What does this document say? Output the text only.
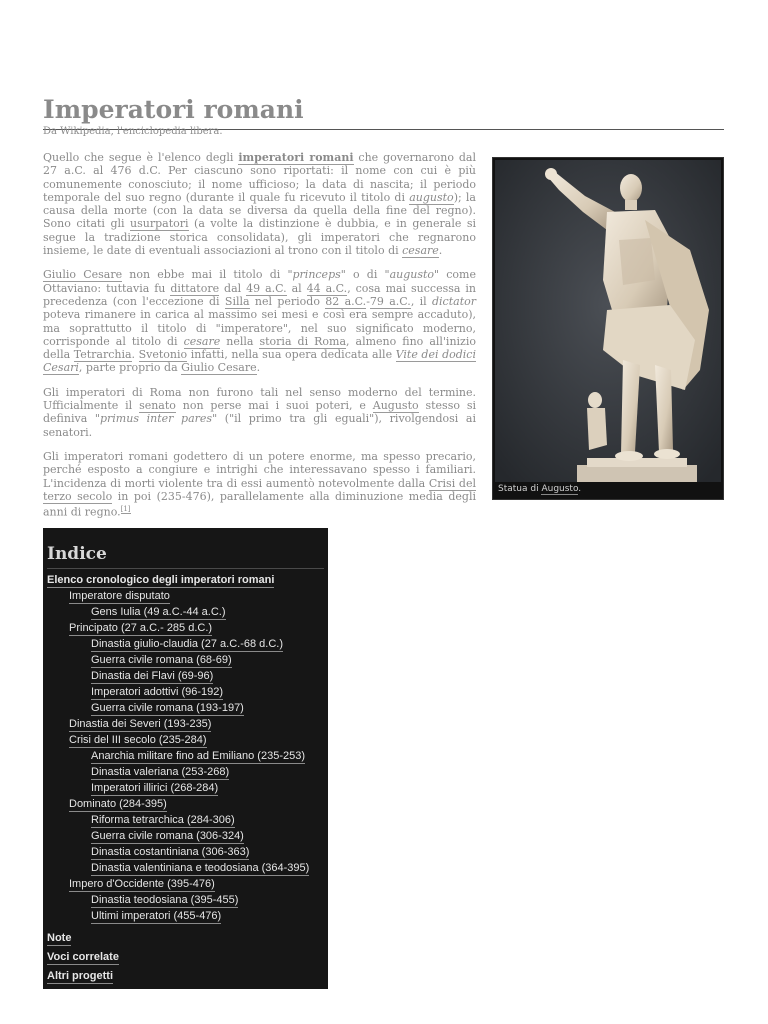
Imperatori romani
Da Wikipedia, l'enciclopedia libera.

Quello che segue è l'elenco degli imperatori romani che governarono dal 27 a.C. al 476 d.C. Per ciascuno sono riportati: il nome con cui è più comunemente conosciuto; il nome ufficioso; la data di nascita; il periodo temporale del suo regno (durante il quale fu ricevuto il titolo di augusto); la causa della morte (con la data se diversa da quella della fine del regno). Sono citati gli usurpatori (a volte la distinzione è dubbia, e in generale si segue la tradizione storica consolidata), gli imperatori che regnarono insieme, le date di eventuali associazioni al trono con il titolo di cesare.

Giulio Cesare non ebbe mai il titolo di "princeps" o di "augusto" come Ottaviano: tuttavia fu dittatore dal 49 a.C. al 44 a.C., cosa mai successa in precedenza (con l'eccezione di Silla nel periodo 82 a.C.-79 a.C., il dictator poteva rimanere in carica al massimo sei mesi e così era sempre accaduto), ma soprattutto il titolo di "imperatore", nel suo significato moderno, corrisponde al titolo di cesare nella storia di Roma, almeno fino all'inizio della Tetrarchia. Svetonio infatti, nella sua opera dedicata alle Vite dei dodici Cesari, parte proprio da Giulio Cesare.

Gli imperatori di Roma non furono tali nel senso moderno del termine. Ufficialmente il senato non perse mai i suoi poteri, e Augusto stesso si definiva "primus inter pares" ("il primo tra gli eguali"), rivolgendosi ai senatori.

Gli imperatori romani godettero di un potere enorme, ma spesso precario, perché esposto a congiure e intrighi che interessavano spesso i familiari. L'incidenza di morti violente tra di essi aumentò notevolmente dalla Crisi del terzo secolo in poi (235-476), parallelamente alla diminuzione media degli anni di regno.[1]

Statua di Augusto.
Indice
Elenco cronologico degli imperatori romani
Imperatore disputato
Gens Iulia (49 a.C.-44 a.C.)
Principato (27 a.C.- 285 d.C.)
Dinastia giulio-claudia (27 a.C.-68 d.C.)
Guerra civile romana (68-69)
Dinastia dei Flavi (69-96)
Imperatori adottivi (96-192)
Guerra civile romana (193-197)
Dinastia dei Severi (193-235)
Crisi del III secolo (235-284)
Anarchia militare fino ad Emiliano (235-253)
Dinastia valeriana (253-268)
Imperatori illirici (268-284)
Dominato (284-395)
Riforma tetrarchica (284-306)
Guerra civile romana (306-324)
Dinastia costantiniana (306-363)
Dinastia valentiniana e teodosiana (364-395)
Impero d'Occidente (395-476)
Dinastia teodosiana (395-455)
Ultimi imperatori (455-476)
Note
Voci correlate
Altri progetti
